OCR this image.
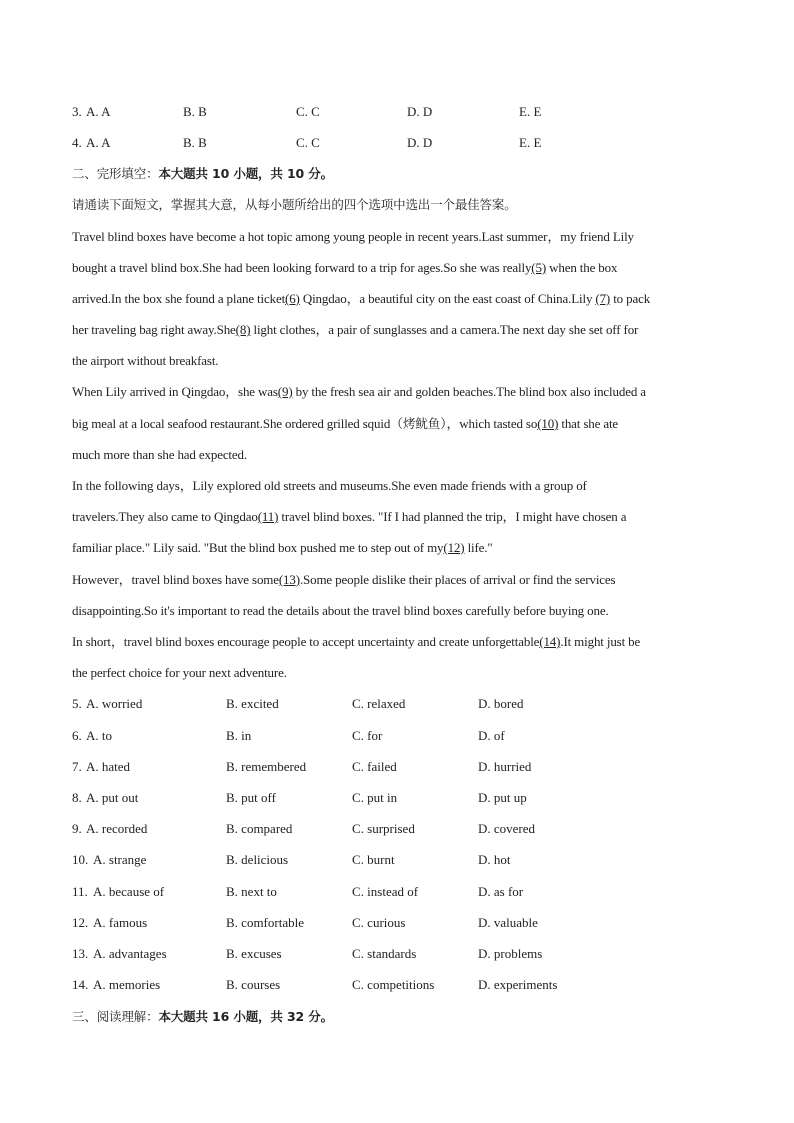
3. A. A	B. B	C. C	D. D	E. E
4. A. A	B. B	C. C	D. D	E. E
二、完形填空：本大题共 10 小题，共 10 分。
请通读下面短文，掌握其大意，从每小题所给出的四个选项中选出一个最佳答案。
Travel blind boxes have become a hot topic among young people in recent years.Last summer，my friend Lily
bought a travel blind box.She had been looking forward to a trip for ages.So she was really(5) when the box
arrived.In the box she found a plane ticket(6) Qingdao，a beautiful city on the east coast of China.Lily (7) to pack
her traveling bag right away.She(8) light clothes，a pair of sunglasses and a camera.The next day she set off for
the airport without breakfast.
When Lily arrived in Qingdao，she was(9) by the fresh sea air and golden beaches.The blind box also included a
big meal at a local seafood restaurant.She ordered grilled squid（烤鱿鱼），which tasted so(10) that she ate
much more than she had expected.
In the following days，Lily explored old streets and museums.She even made friends with a group of
travelers.They also came to Qingdao(11) travel blind boxes. "If I had planned the trip，I might have chosen a
familiar place." Lily said. "But the blind box pushed me to step out of my(12) life."
However，travel blind boxes have some(13).Some people dislike their places of arrival or find the services
disappointing.So it's important to read the details about the travel blind boxes carefully before buying one.
In short，travel blind boxes encourage people to accept uncertainty and create unforgettable(14).It might just be
the perfect choice for your next adventure.
5. A. worried	B. excited	C. relaxed	D. bored
6. A. to	B. in	C. for	D. of
7. A. hated	B. remembered	C. failed	D. hurried
8. A. put out	B. put off	C. put in	D. put up
9. A. recorded	B. compared	C. surprised	D. covered
10. A. strange	B. delicious	C. burnt	D. hot
11. A. because of	B. next to	C. instead of	D. as for
12. A. famous	B. comfortable	C. curious	D. valuable
13. A. advantages	B. excuses	C. standards	D. problems
14. A. memories	B. courses	C. competitions	D. experiments
三、阅读理解：本大题共 16 小题，共 32 分。
